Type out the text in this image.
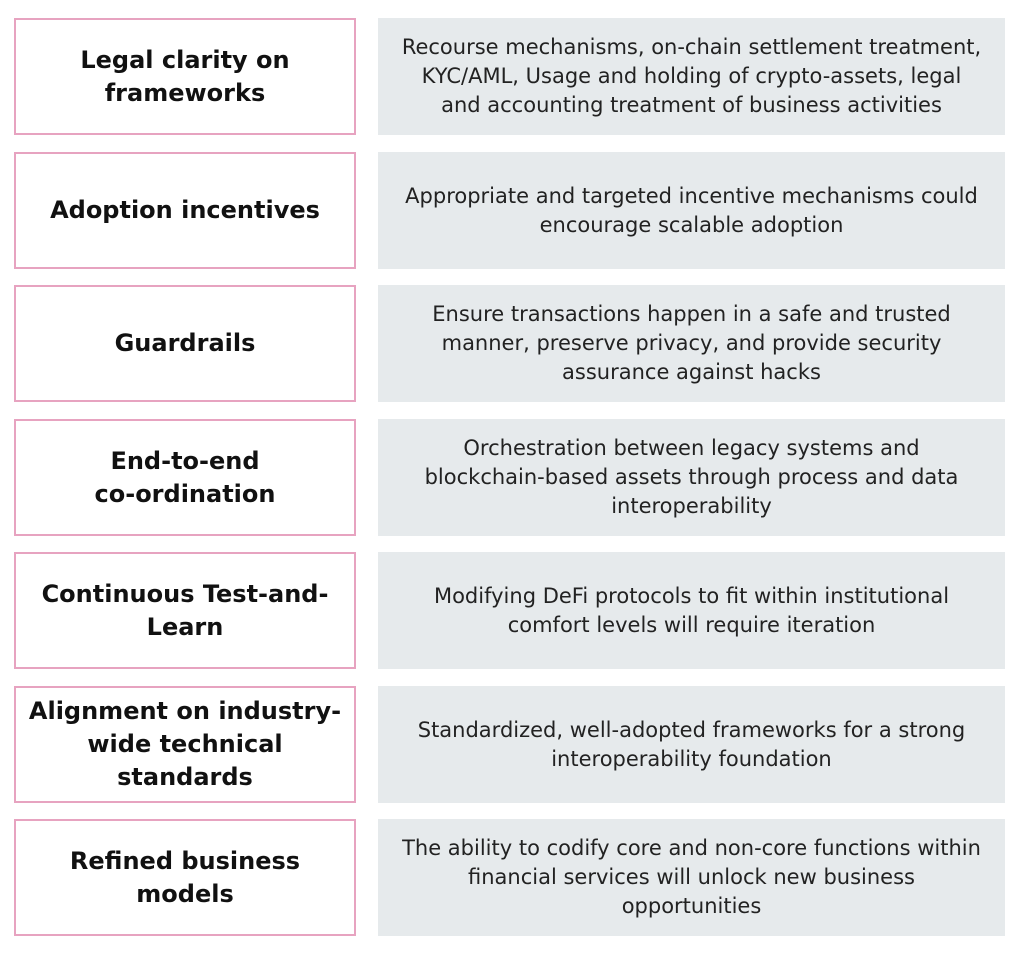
Legal clarity on
frameworks
Recourse mechanisms, on-chain settlement treatment,
KYC/AML, Usage and holding of crypto-assets, legal
and accounting treatment of business activities
Adoption incentives
Appropriate and targeted incentive mechanisms could
encourage scalable adoption
Guardrails
Ensure transactions happen in a safe and trusted
manner, preserve privacy, and provide security
assurance against hacks
End-to-end
co-ordination
Orchestration between legacy systems and
blockchain-based assets through process and data
interoperability
Continuous Test-and-
Learn
Modifying DeFi protocols to fit within institutional
comfort levels will require iteration
Alignment on industry-
wide technical
standards
Standardized, well-adopted frameworks for a strong
interoperability foundation
Refined business
models
The ability to codify core and non-core functions within
financial services will unlock new business
opportunities
